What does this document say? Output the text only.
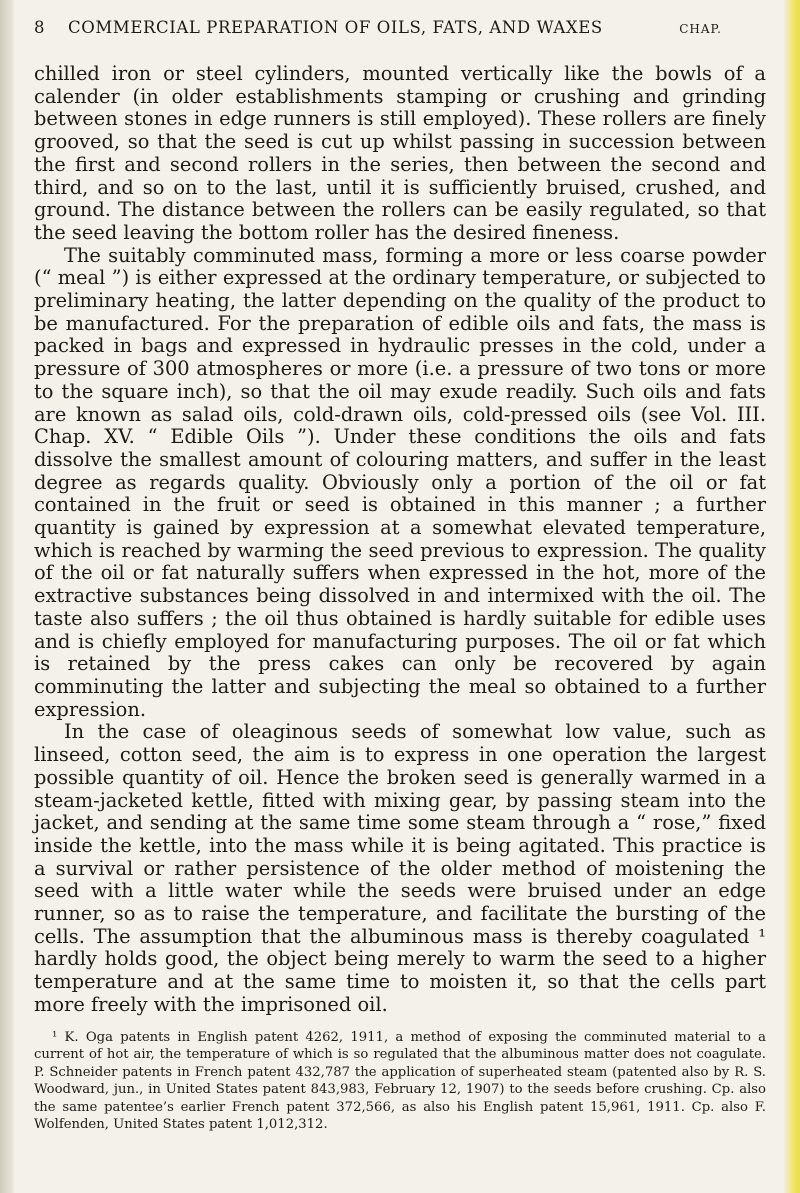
8 COMMERCIAL PREPARATION OF OILS, FATS, AND WAXES	CHAP.

chilled iron or steel cylinders, mounted vertically like the bowls of a calender (in older establishments stamping or crushing and grinding between stones in edge runners is still employed). These rollers are finely grooved, so that the seed is cut up whilst passing in succession between the first and second rollers in the series, then between the second and third, and so on to the last, until it is sufficiently bruised, crushed, and ground. The distance between the rollers can be easily regulated, so that the seed leaving the bottom roller has the desired fineness.

The suitably comminuted mass, forming a more or less coarse powder (“ meal ”) is either expressed at the ordinary temperature, or subjected to preliminary heating, the latter depending on the quality of the product to be manufactured. For the preparation of edible oils and fats, the mass is packed in bags and expressed in hydraulic presses in the cold, under a pressure of 300 atmospheres or more (i.e. a pressure of two tons or more to the square inch), so that the oil may exude readily. Such oils and fats are known as salad oils, cold-drawn oils, cold-pressed oils (see Vol. III. Chap. XV. “ Edible Oils ”). Under these conditions the oils and fats dissolve the smallest amount of colouring matters, and suffer in the least degree as regards quality. Obviously only a portion of the oil or fat contained in the fruit or seed is obtained in this manner ; a further quantity is gained by expression at a somewhat elevated temperature, which is reached by warming the seed previous to expression. The quality of the oil or fat naturally suffers when expressed in the hot, more of the extractive substances being dissolved in and intermixed with the oil. The taste also suffers ; the oil thus obtained is hardly suitable for edible uses and is chiefly employed for manufacturing purposes. The oil or fat which is retained by the press cakes can only be recovered by again comminuting the latter and subjecting the meal so obtained to a further expression.

In the case of oleaginous seeds of somewhat low value, such as linseed, cotton seed, the aim is to express in one operation the largest possible quantity of oil. Hence the broken seed is generally warmed in a steam-jacketed kettle, fitted with mixing gear, by passing steam into the jacket, and sending at the same time some steam through a “ rose,” fixed inside the kettle, into the mass while it is being agitated. This practice is a survival or rather persistence of the older method of moistening the seed with a little water while the seeds were bruised under an edge runner, so as to raise the temperature, and facilitate the bursting of the cells. The assumption that the albuminous mass is thereby coagulated ¹ hardly holds good, the object being merely to warm the seed to a higher temperature and at the same time to moisten it, so that the cells part more freely with the imprisoned oil.

¹ K. Oga patents in English patent 4262, 1911, a method of exposing the comminuted material to a current of hot air, the temperature of which is so regulated that the albuminous matter does not coagulate. P. Schneider patents in French patent 432,787 the application of superheated steam (patented also by R. S. Woodward, jun., in United States patent 843,983, February 12, 1907) to the seeds before crushing. Cp. also the same patentee’s earlier French patent 372,566, as also his English patent 15,961, 1911. Cp. also F. Wolfenden, United States patent 1,012,312.
